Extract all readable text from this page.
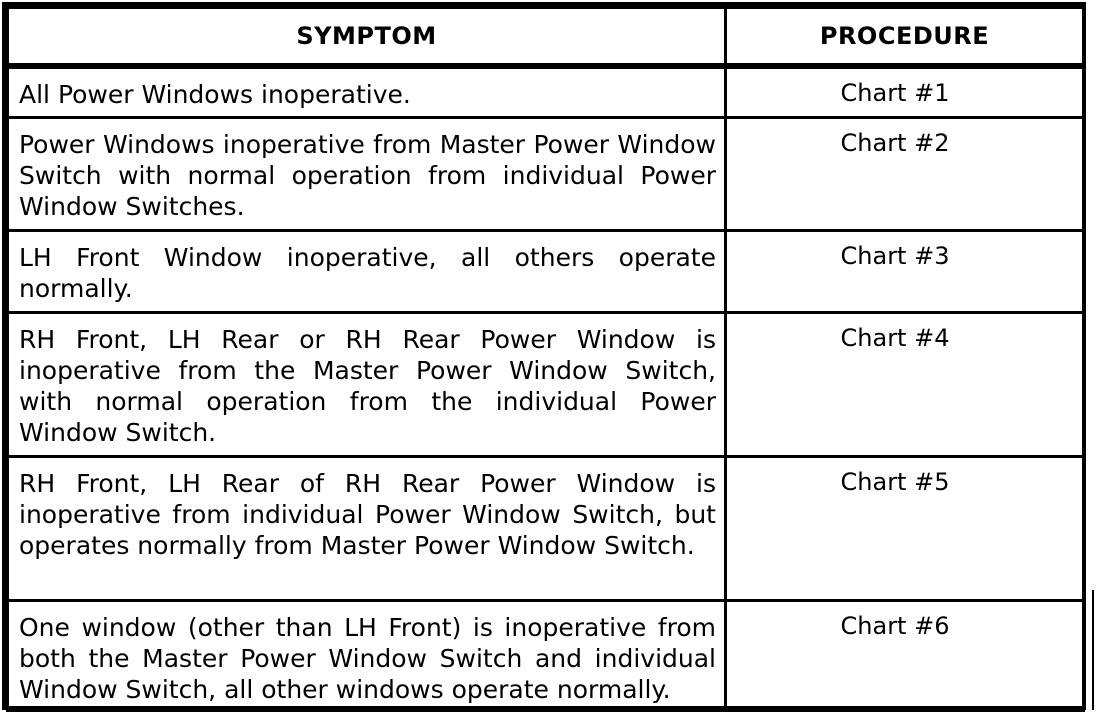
SYMPTOM	PROCEDURE
All Power Windows inoperative.	Chart #1
Power Windows inoperative from Master Power Window Switch with normal operation from individual Power Window Switches.	Chart #2
LH Front Window inoperative, all others operate normally.	Chart #3
RH Front, LH Rear or RH Rear Power Window is inoperative from the Master Power Window Switch, with normal operation from the individual Power Window Switch.	Chart #4
RH Front, LH Rear of RH Rear Power Window is inoperative from individual Power Window Switch, but operates normally from Master Power Window Switch.	Chart #5
One window (other than LH Front) is inoperative from both the Master Power Window Switch and individual Window Switch, all other windows operate normally.	Chart #6
